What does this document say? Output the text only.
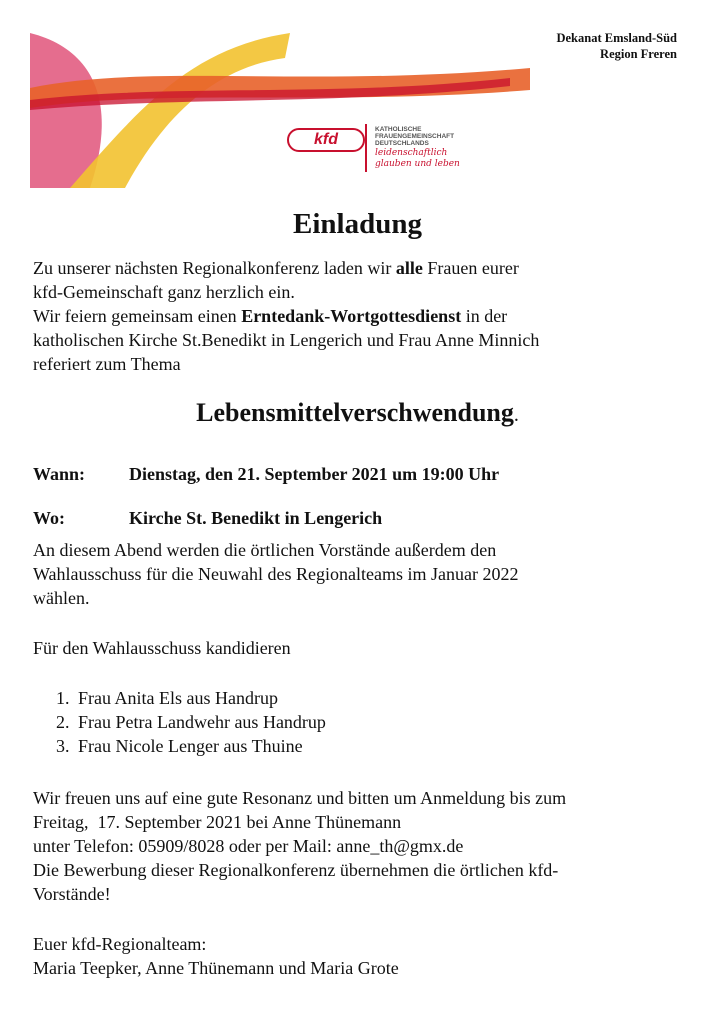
Dekanat Emsland-Süd
Region Freren
kfd
KATHOLISCHE
FRAUENGEMEINSCHAFT
DEUTSCHLANDS
leidenschaftlich
glauben und leben
Einladung
Zu unserer nächsten Regionalkonferenz laden wir alle Frauen eurer
kfd-Gemeinschaft ganz herzlich ein.
Wir feiern gemeinsam einen Erntedank-Wortgottesdienst in der
katholischen Kirche St.Benedikt in Lengerich und Frau Anne Minnich
referiert zum Thema
Lebensmittelverschwendung.
Wann:	Dienstag, den 21. September 2021 um 19:00 Uhr
Wo:	Kirche St. Benedikt in Lengerich
An diesem Abend werden die örtlichen Vorstände außerdem den
Wahlausschuss für die Neuwahl des Regionalteams im Januar 2022
wählen.
Für den Wahlausschuss kandidieren
1. Frau Anita Els aus Handrup
2. Frau Petra Landwehr aus Handrup
3. Frau Nicole Lenger aus Thuine
Wir freuen uns auf eine gute Resonanz und bitten um Anmeldung bis zum
Freitag,  17. September 2021 bei Anne Thünemann
unter Telefon: 05909/8028 oder per Mail: anne_th@gmx.de
Die Bewerbung dieser Regionalkonferenz übernehmen die örtlichen kfd-
Vorstände!
Euer kfd-Regionalteam:
Maria Teepker, Anne Thünemann und Maria Grote
